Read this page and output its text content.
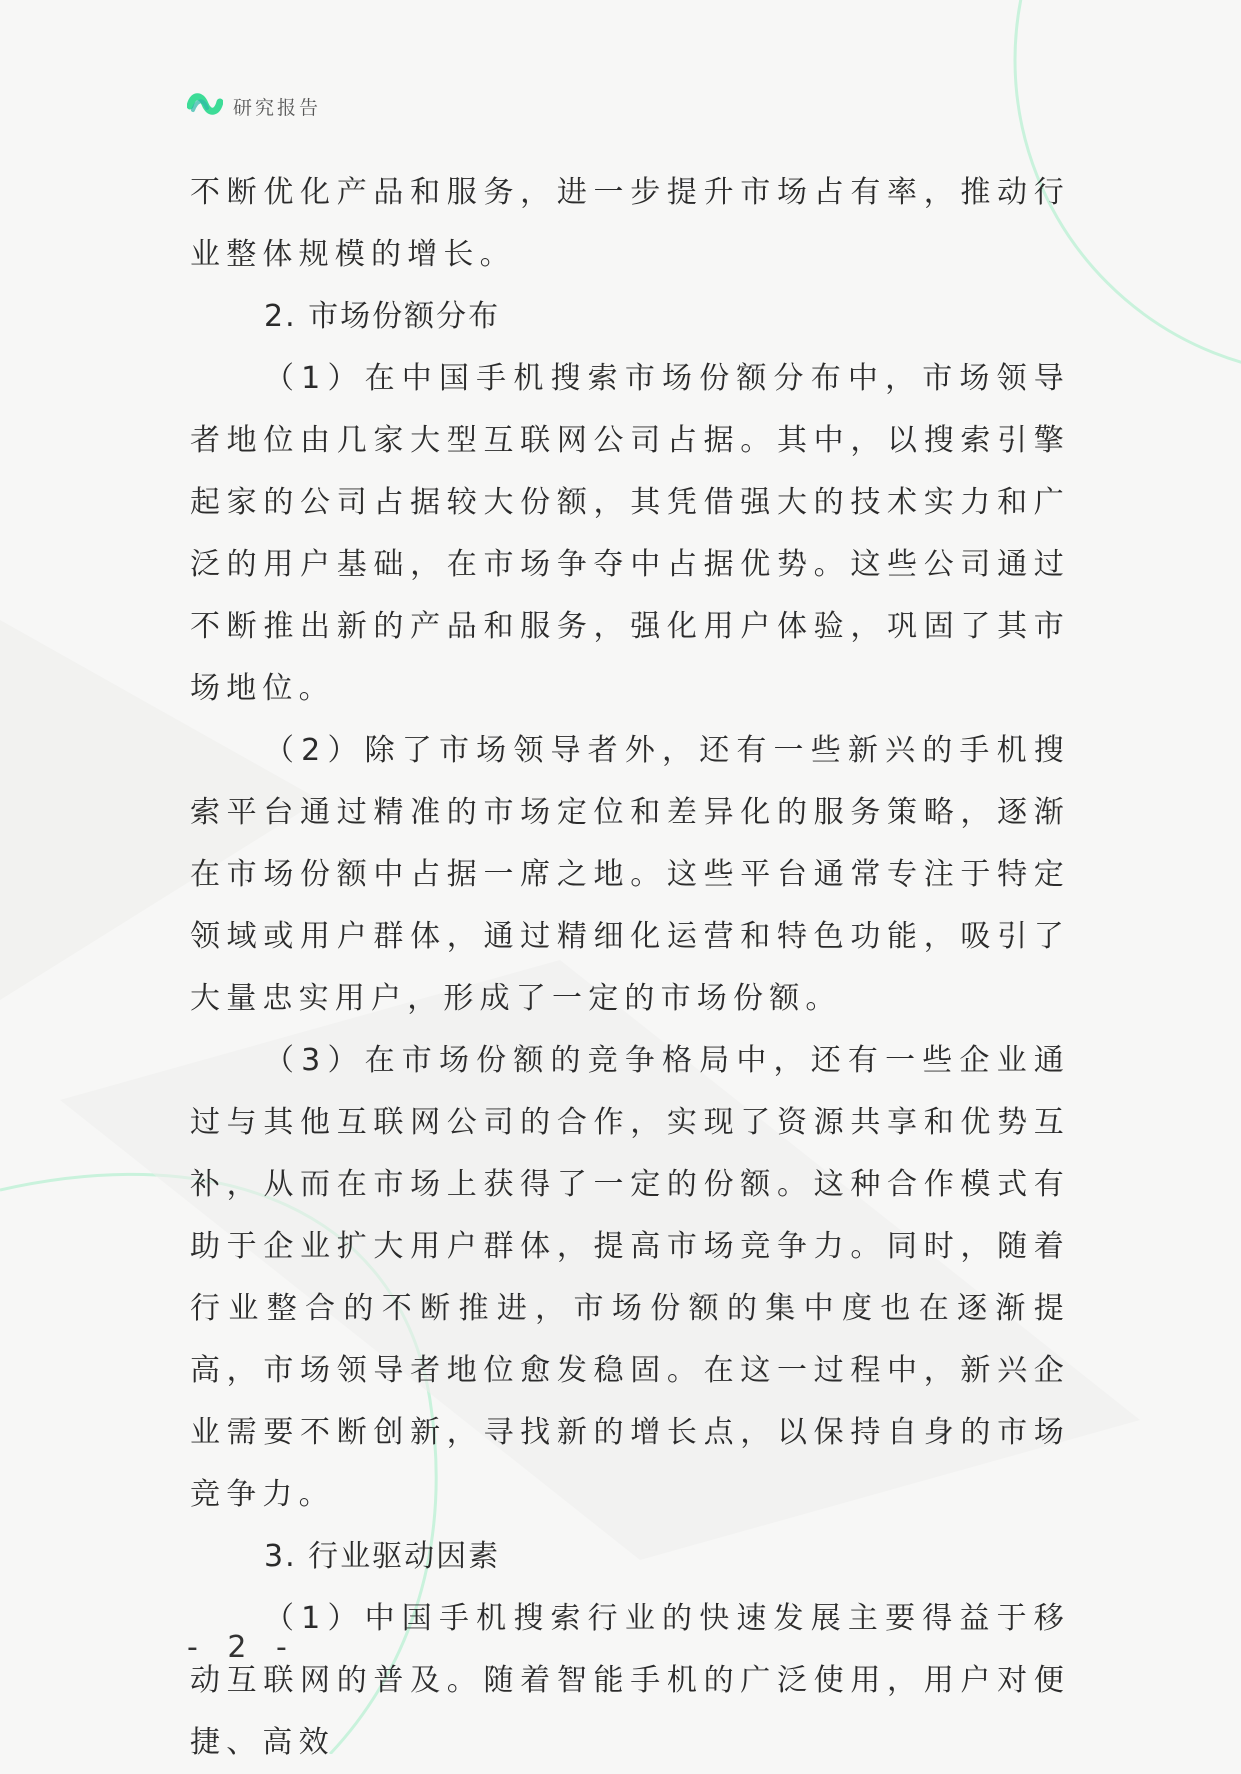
研究报告

不断优化产品和服务，进一步提升市场占有率，推动行业整体规模的增长。

2. 市场份额分布

（1）在中国手机搜索市场份额分布中，市场领导者地位由几家大型互联网公司占据。其中，以搜索引擎起家的公司占据较大份额，其凭借强大的技术实力和广泛的用户基础，在市场争夺中占据优势。这些公司通过不断推出新的产品和服务，强化用户体验，巩固了其市场地位。

（2）除了市场领导者外，还有一些新兴的手机搜索平台通过精准的市场定位和差异化的服务策略，逐渐在市场份额中占据一席之地。这些平台通常专注于特定领域或用户群体，通过精细化运营和特色功能，吸引了大量忠实用户，形成了一定的市场份额。

（3）在市场份额的竞争格局中，还有一些企业通过与其他互联网公司的合作，实现了资源共享和优势互补，从而在市场上获得了一定的份额。这种合作模式有助于企业扩大用户群体，提高市场竞争力。同时，随着行业整合的不断推进，市场份额的集中度也在逐渐提高，市场领导者地位愈发稳固。在这一过程中，新兴企业需要不断创新，寻找新的增长点，以保持自身的市场竞争力。

3. 行业驱动因素

（1）中国手机搜索行业的快速发展主要得益于移动互联网的普及。随着智能手机的广泛使用，用户对便捷、高效

- 2 -
